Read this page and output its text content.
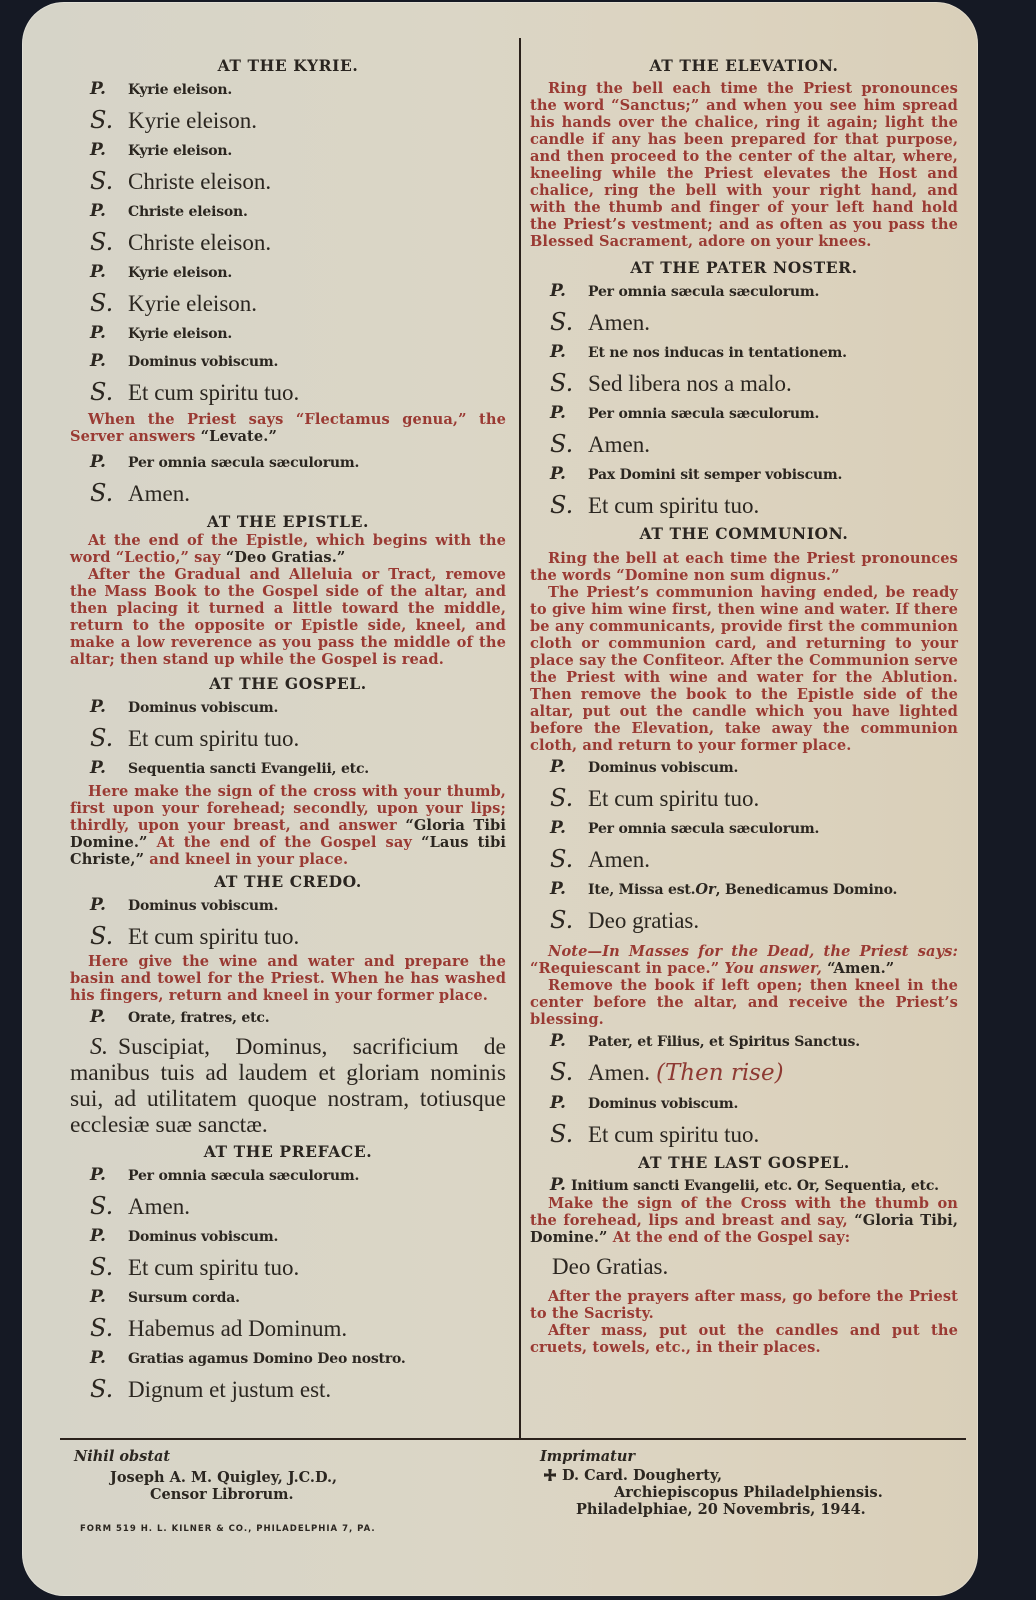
AT THE KYRIE.
P.	Kyrie eleison.
S. Kyrie eleison.
P.	Kyrie eleison.
S. Christe eleison.
P.	Christe eleison.
S. Christe eleison.
P.	Kyrie eleison.
S. Kyrie eleison.
P.	Kyrie eleison.
P.	Dominus vobiscum.
S. Et cum spiritu tuo.

When the Priest says “Flectamus genua,” the Server answers “Levate.”

P.	Per omnia sæcula sæculorum.
S. Amen.
AT THE EPISTLE.

At the end of the Epistle, which begins with the word “Lectio,” say “Deo Gratias.”

After the Gradual and Alleluia or Tract, remove the Mass Book to the Gospel side of the altar, and then placing it turned a little toward the middle, return to the opposite or Epistle side, kneel, and make a low reverence as you pass the middle of the altar; then stand up while the Gospel is read.

AT THE GOSPEL.
P.	Dominus vobiscum.
S. Et cum spiritu tuo.
P.	Sequentia sancti Evangelii, etc.

Here make the sign of the cross with your thumb, first upon your forehead; secondly, upon your lips; thirdly, upon your breast, and answer “Gloria Tibi Domine.” At the end of the Gospel say “Laus tibi Christe,” and kneel in your place.

AT THE CREDO.
P.	Dominus vobiscum.
S. Et cum spiritu tuo.

Here give the wine and water and prepare the basin and towel for the Priest. When he has washed his fingers, return and kneel in your former place.

P.	Orate, fratres, etc.

S. Suscipiat, Dominus, sacrificium de manibus tuis ad laudem et gloriam nominis sui, ad utilitatem quoque nostram, totiusque ecclesiæ suæ sanctæ.

AT THE PREFACE.
P.	Per omnia sæcula sæculorum.
S. Amen.
P.	Dominus vobiscum.
S. Et cum spiritu tuo.
P.	Sursum corda.
S. Habemus ad Dominum.
P.	Gratias agamus Domino Deo nostro.
S. Dignum et justum est.
AT THE ELEVATION.

Ring the bell each time the Priest pronounces the word “Sanctus;” and when you see him spread his hands over the chalice, ring it again; light the candle if any has been prepared for that purpose, and then proceed to the center of the altar, where, kneeling while the Priest elevates the Host and chalice, ring the bell with your right hand, and with the thumb and finger of your left hand hold the Priest’s vestment; and as often as you pass the Blessed Sacrament, adore on your knees.

AT THE PATER NOSTER.
P.	Per omnia sæcula sæculorum.
S. Amen.
P.	Et ne nos inducas in tentationem.
S. Sed libera nos a malo.
P.	Per omnia sæcula sæculorum.
S. Amen.
P.	Pax Domini sit semper vobiscum.
S. Et cum spiritu tuo.
AT THE COMMUNION.

Ring the bell at each time the Priest pronounces the words “Domine non sum dignus.”

The Priest’s communion having ended, be ready to give him wine first, then wine and water. If there be any communicants, provide first the communion cloth or communion card, and returning to your place say the Confiteor. After the Communion serve the Priest with wine and water for the Ablution. Then remove the book to the Epistle side of the altar, put out the candle which you have lighted before the Elevation, take away the communion cloth, and return to your former place.

P.	Dominus vobiscum.
S. Et cum spiritu tuo.
P.	Per omnia sæcula sæculorum.
S. Amen.
P.	Ite, Missa est. Or , Benedicamus Domino.
S. Deo gratias.

Note—In Masses for the Dead, the Priest says: “Requiescant in pace.” You answer, “Amen.”

Remove the book if left open; then kneel in the center before the altar, and receive the Priest’s blessing.

P.	Pater, et Filius, et Spiritus Sanctus.
S. Amen. (Then rise)
P.	Dominus vobiscum.
S. Et cum spiritu tuo.
AT THE LAST GOSPEL.

P. Initium sancti Evangelii, etc. Or, Sequentia, etc.

Make the sign of the Cross with the thumb on the forehead, lips and breast and say, “Gloria Tibi, Domine.” At the end of the Gospel say:

Deo Gratias.

After the prayers after mass, go before the Priest to the Sacristy.

After mass, put out the candles and put the cruets, towels, etc., in their places.

Nihil obstat
Joseph A. M. Quigley, J.C.D.,
Censor Librorum.
FORM 519 H. L. KILNER & CO., PHILADELPHIA 7, PA.
Imprimatur
D. Card. Dougherty,
Archiepiscopus Philadelphiensis.
Philadelphiae, 20 Novembris, 1944.
